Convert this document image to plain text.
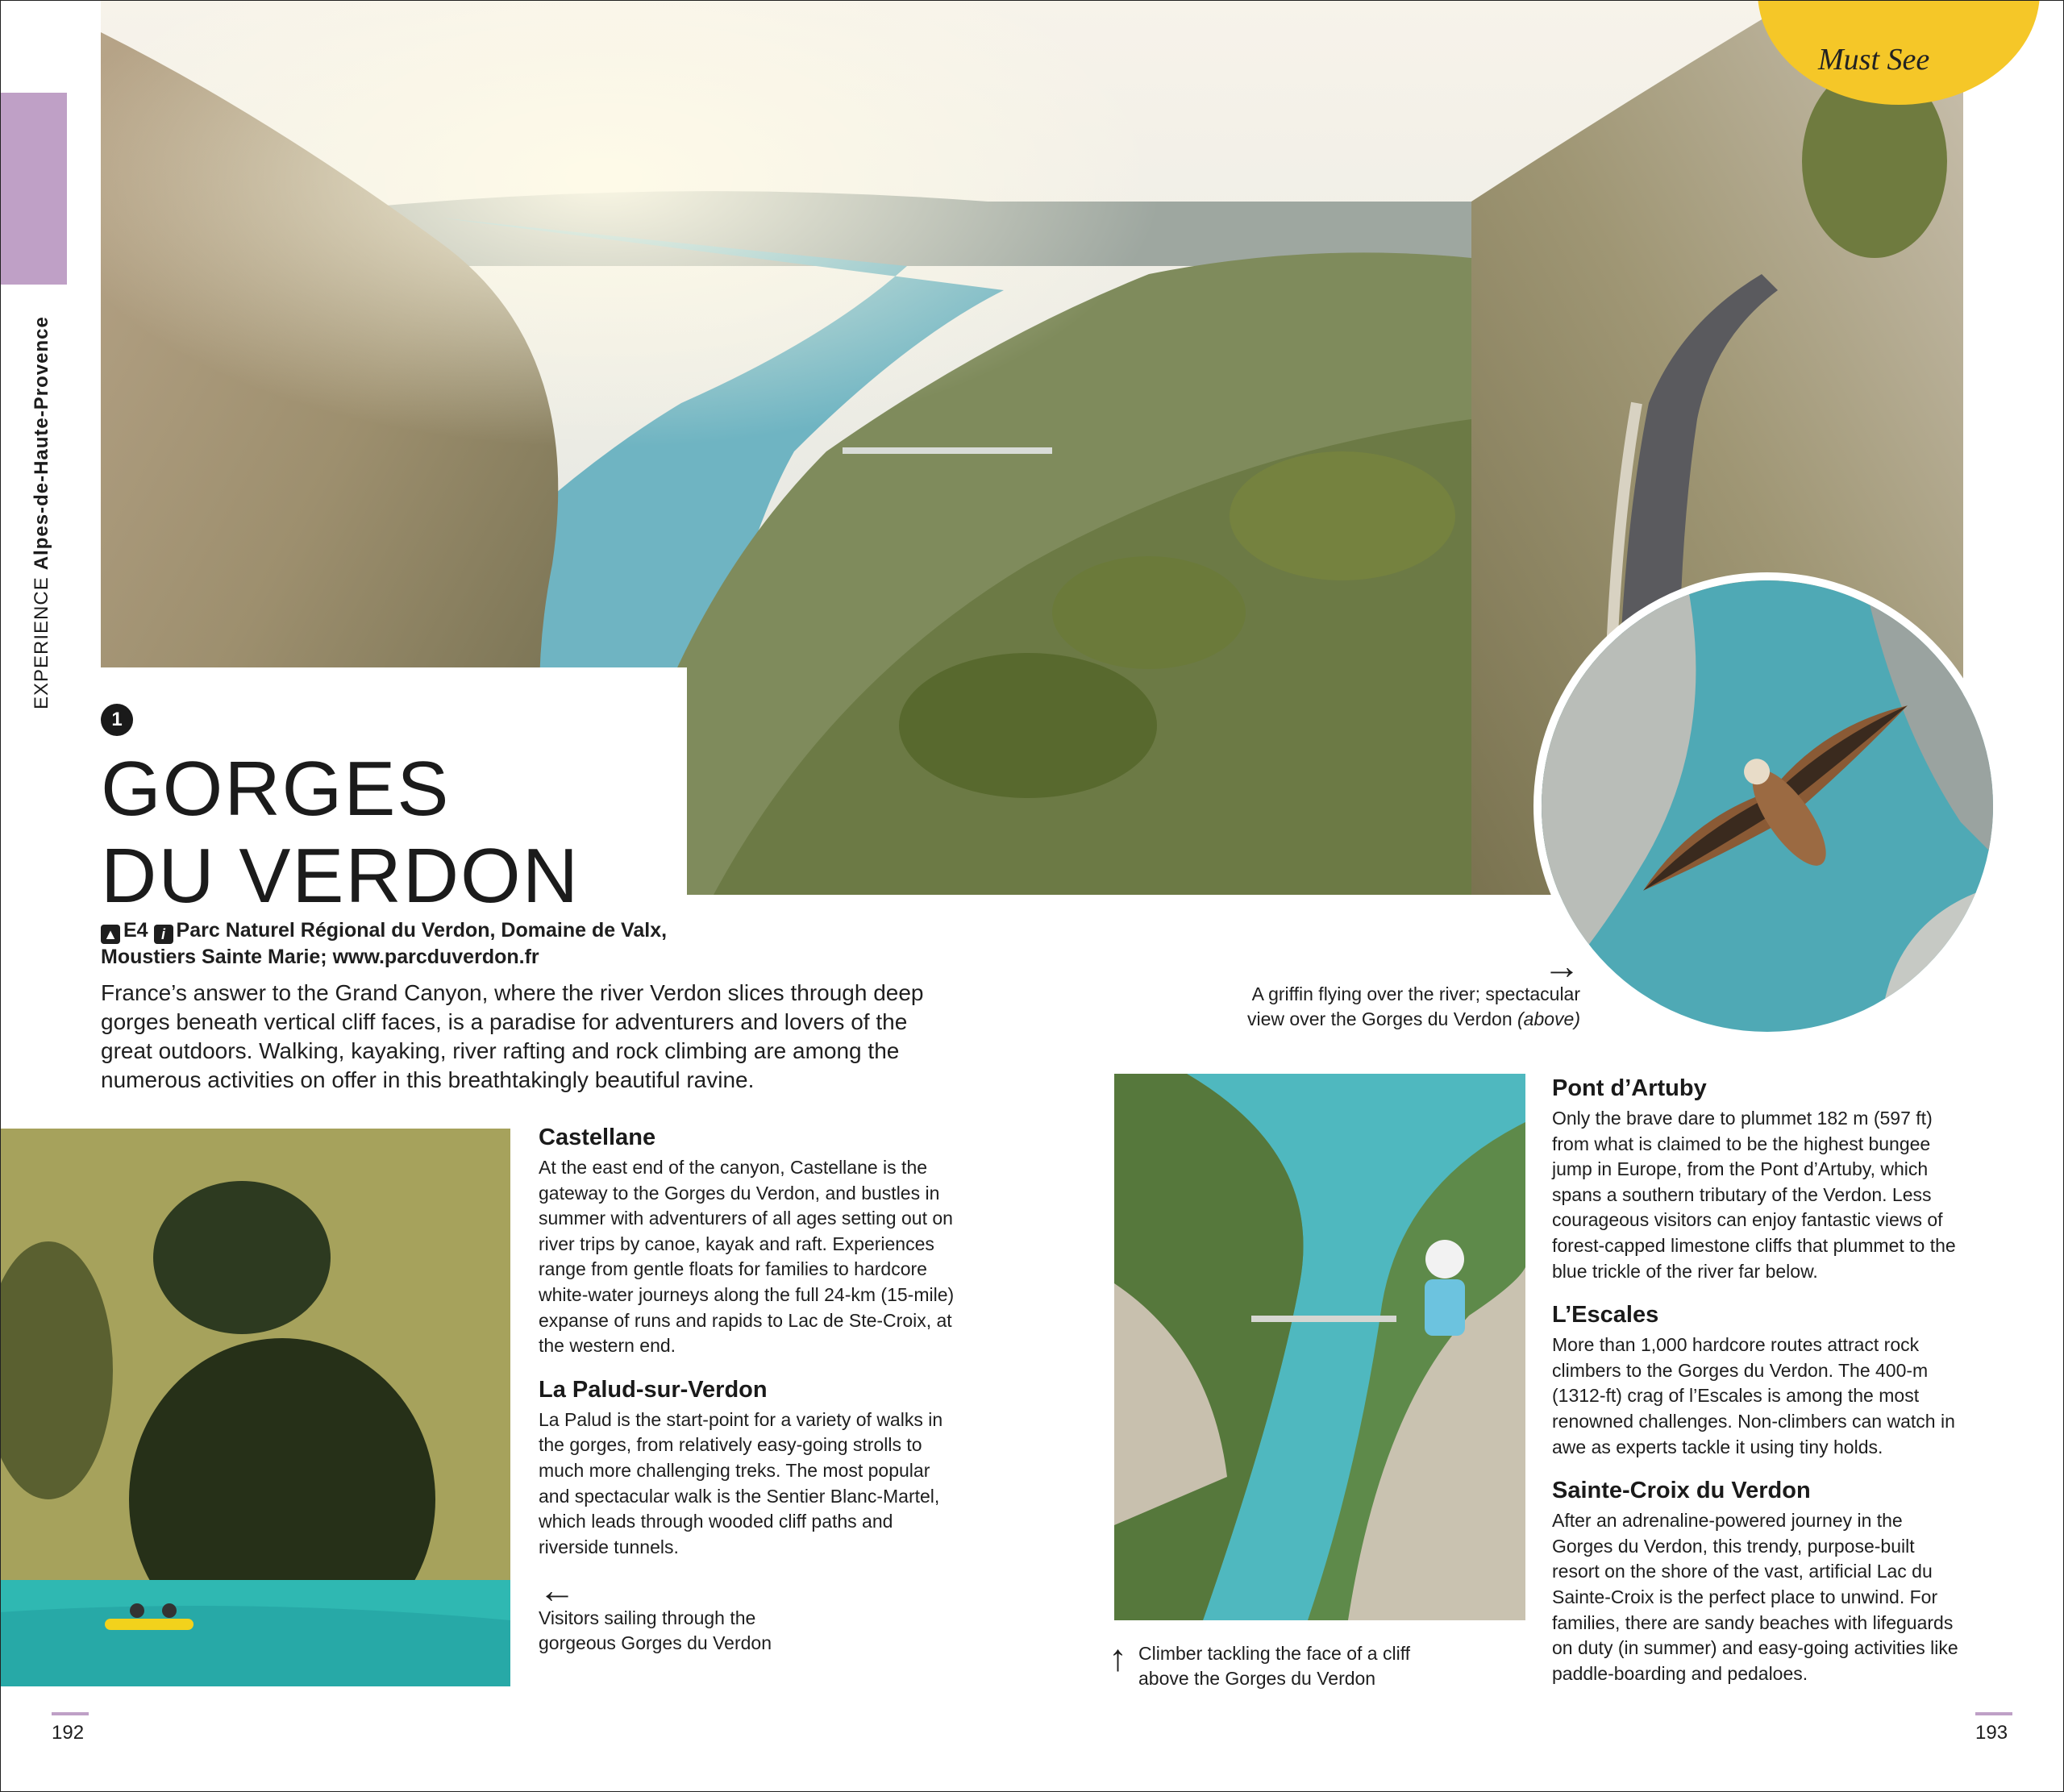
Must See
EXPERIENCEAlpes-de-Haute-Provence
1
GORGES
DU VERDON
▲ E4 i Parc Naturel Régional du Verdon, Domaine de Valx, Moustiers Sainte Marie; www.parcduverdon.fr
France’s answer to the Grand Canyon, where the river Verdon slices through deep gorges beneath vertical cliff faces, is a paradise for adventurers and lovers of the great outdoors. Walking, kayaking, river rafting and rock climbing are among the numerous activities on offer in this breathtakingly beautiful ravine.
→
A griffin flying over the river; spectacular view over the Gorges du Verdon (above)
Castellane

At the east end of the canyon, Castellane is the gateway to the Gorges du Verdon, and bustles in summer with adventurers of all ages setting out on river trips by canoe, kayak and raft. Experiences range from gentle floats for families to hardcore white-water journeys along the full 24-km (15-mile) expanse of runs and rapids to Lac de Ste-Croix, at the western end.

La Palud-sur-Verdon

La Palud is the start-point for a variety of walks in the gorges, from relatively easy-going strolls to much more challenging treks. The most popular and spectacular walk is the Sentier Blanc-Martel, which leads through wooded cliff paths and riverside tunnels.

←
Visitors sailing through the gorgeous Gorges du Verdon	↑ Climber tackling the face of a cliff above the Gorges du Verdon
Pont d’Artuby

Only the brave dare to plummet 182 m (597 ft) from what is claimed to be the highest bungee jump in Europe, from the Pont d’Artuby, which spans a southern tributary of the Verdon. Less courageous visitors can enjoy fantastic views of forest-capped limestone cliffs that plummet to the blue trickle of the river far below.

L’Escales

More than 1,000 hardcore routes attract rock climbers to the Gorges du Verdon. The 400-m (1312-ft) crag of l’Escales is among the most renowned challenges. Non-climbers can watch in awe as experts tackle it using tiny holds.

Sainte-Croix du Verdon

After an adrenaline-powered journey in the Gorges du Verdon, this trendy, purpose-built resort on the shore of the vast, artificial Lac du Sainte-Croix is the perfect place to unwind. For families, there are sandy beaches with lifeguards on duty (in summer) and easy-going activities like paddle-boarding and pedaloes.

192	193
